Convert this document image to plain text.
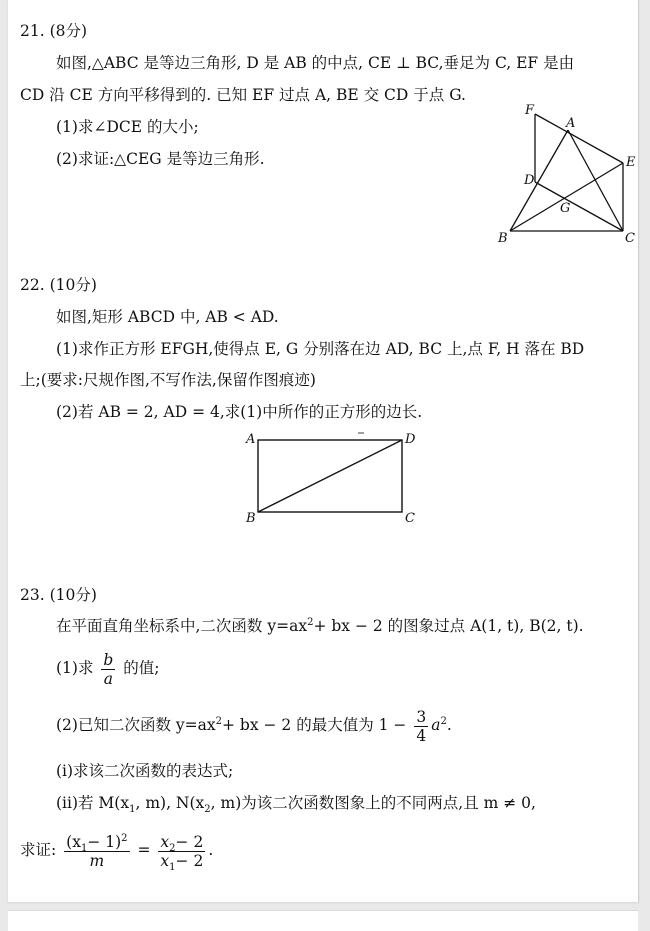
21. (8分)
如图,△ABC 是等边三角形, D 是 AB 的中点, CE ⊥ BC,垂足为 C, EF 是由
CD 沿 CE 方向平移得到的. 已知 EF 过点 A, BE 交 CD 于点 G.
(1)求∠DCE 的大小;
(2)求证:△CEG 是等边三角形.
F
A
E
D
G
B	C
22. (10分)
如图,矩形 ABCD 中, AB < AD.
(1)求作正方形 EFGH,使得点 E, G 分别落在边 AD, BC 上,点 F, H 落在 BD
上;(要求:尺规作图,不写作法,保留作图痕迹)
(2)若 AB = 2, AD = 4,求(1)中所作的正方形的边长.
A	D
B	C
23. (10分)
在平面直角坐标系中,二次函数 $y=ax^2+$ bx − 2 的图象过点 A(1, t), B(2, t).
(1)求 $\frac{b}{a}$ 的值;
(2)已知二次函数 $y=ax^2+$ bx − 2 的最大值为 $1 - \frac{3}{4} a^2$.
(i)求该二次函数的表达式;
(ii)若 $M(x_1$, m), $N(x_2$, m)为该二次函数图象上的不同两点,且 m ≠ 0,
求证: $\frac{(x_1- 1)^2}{m} = \frac{x_2- 2}{x_1- 2}$ .
